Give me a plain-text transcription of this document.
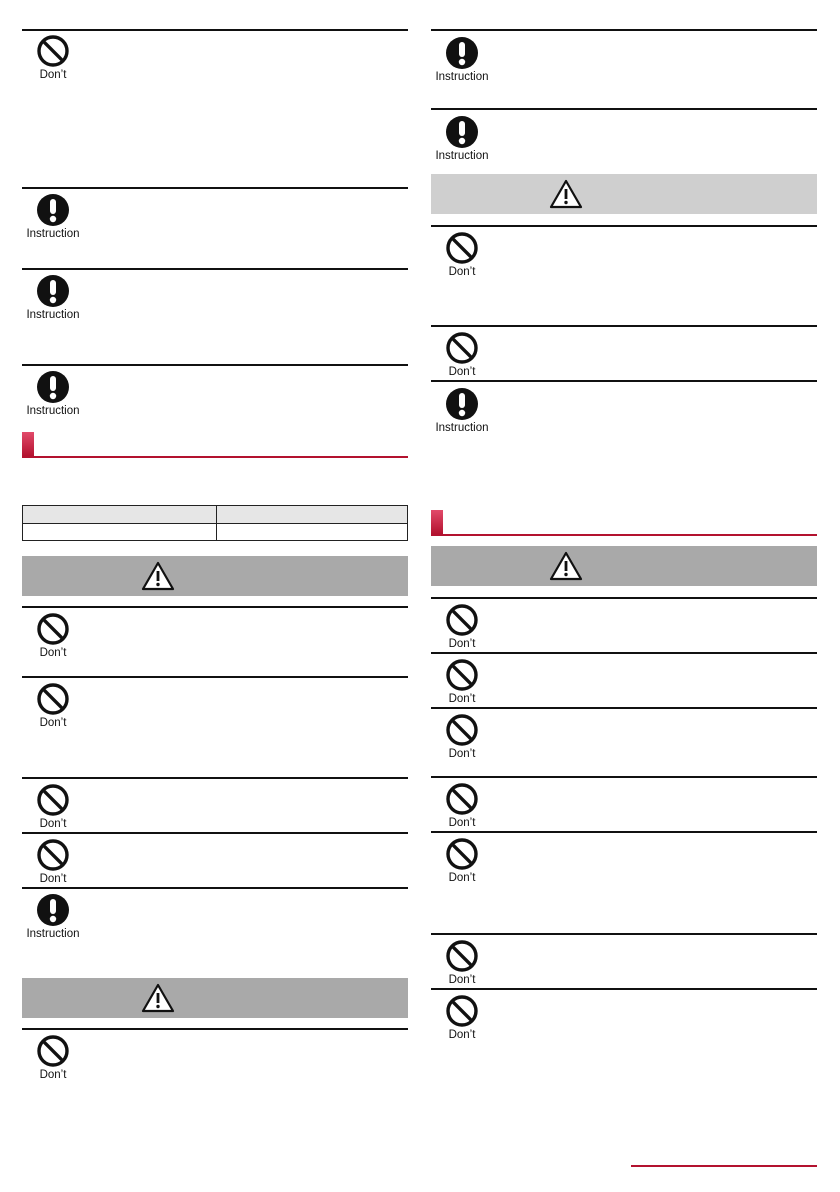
Don’t
Instruction
Instruction
Instruction

Don’t
Don’t
Don’t
Don’t
Instruction
Don’t
Instruction
Instruction
Don’t
Don’t
Instruction
Don’t
Don’t
Don’t
Don’t
Don’t
Don’t
Don’t
